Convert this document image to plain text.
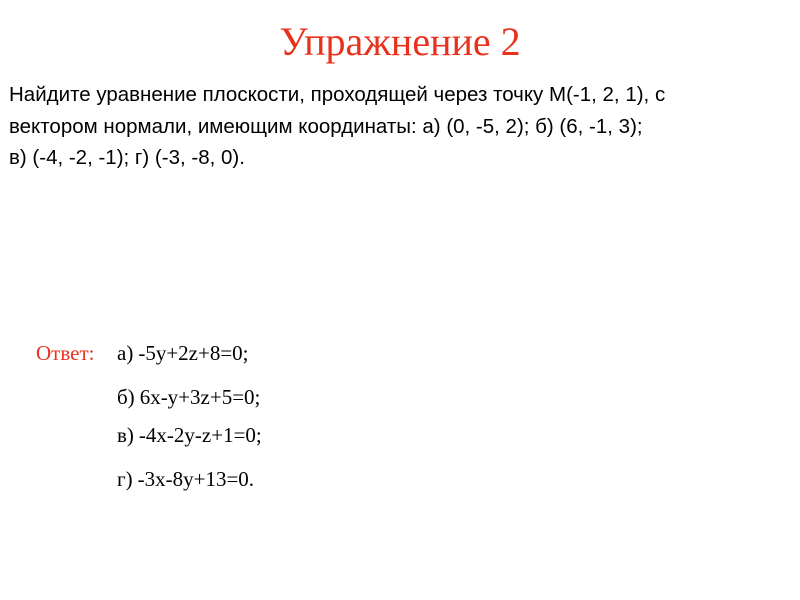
Упражнение 2
Найдите уравнение плоскости, проходящей через точку M(-1, 2, 1), с
вектором нормали, имеющим координаты: а) (0, -5, 2); б) (6, -1, 3);
в) (-4, -2, -1); г) (-3, -8, 0).
Ответ: а) -5y+2z+8=0;
б) 6x-y+3z+5=0;
в) -4x-2y-z+1=0;
г) -3x-8y+13=0.
